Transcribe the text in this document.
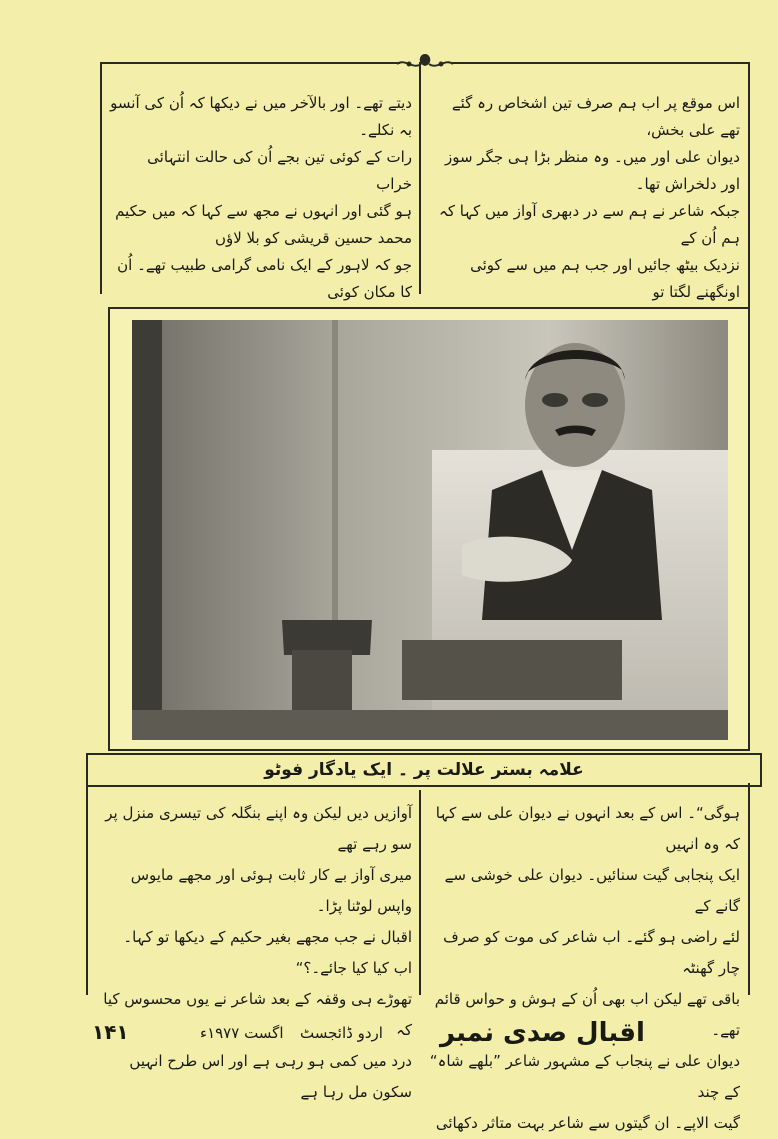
اس موقع پر اب ہم صرف تین اشخاص رہ گئے تھے علی بخش،

دیوان علی اور میں۔ وہ منظر بڑا ہی جگر سوز اور دلخراش تھا۔

جبکہ شاعر نے ہم سے در دبھری آواز میں کہا کہ ہم اُن کے

نزدیک بیٹھ جائیں اور جب ہم میں سے کوئی اونگھنے لگتا تو

دیتے تھے۔ اور بالآخر میں نے دیکھا کہ اُن کی آنسو بہ نکلے۔

رات کے کوئی تین بجے اُن کی حالت انتہائی خراب

ہو گئی اور انہوں نے مجھ سے کہا کہ میں حکیم محمد حسین قریشی کو بلا لاؤں

جو کہ لاہور کے ایک نامی گرامی طبیب تھے۔ اُن کا مکان کوئی

علامہ بستر علالت پر ۔ ایک یادگار فوٹو

ہوگی“۔ اس کے بعد انہوں نے دیوان علی سے کہا کہ وہ انہیں

ایک پنجابی گیت سنائیں۔ دیوان علی خوشی سے گانے کے

لئے راضی ہو گئے۔ اب شاعر کی موت کو صرف چار گھنٹہ

باقی تھے لیکن اب بھی اُن کے ہوش و حواس قائم تھے۔

دیوان علی نے پنجاب کے مشہور شاعر ”بلھے شاہ“ کے چند

گیت الاپے۔ ان گیتوں سے شاعر بہت متاثر دکھائی

آوازیں دیں لیکن وہ اپنے بنگلہ کی تیسری منزل پر سو رہے تھے

میری آواز بے کار ثابت ہوئی اور مجھے مایوس واپس لوٹنا پڑا۔

اقبال نے جب مجھے بغیر حکیم کے دیکھا تو کہا۔

اب کیا کیا جائے۔؟“

تھوڑے ہی وقفہ کے بعد شاعر نے یوں محسوس کیا کہ

درد میں کمی ہو رہی ہے اور اس طرح انہیں سکون مل رہا ہے

اقبال صدی نمبر
اردو ڈائجسٹ
اگست ۱۹۷۷ء
۱۴۱
